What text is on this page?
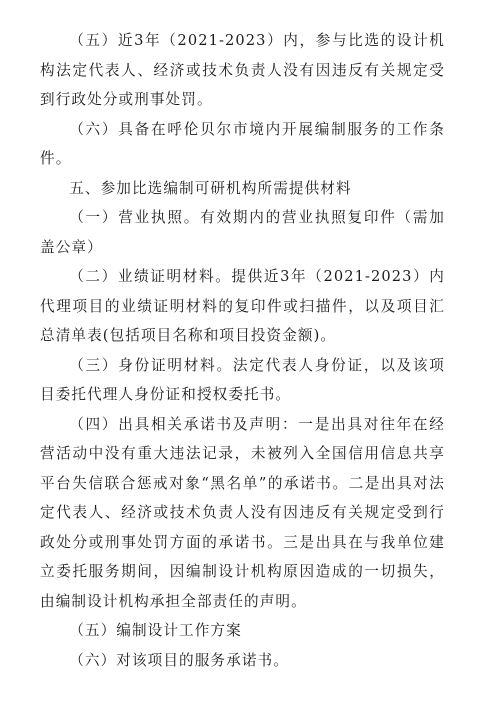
（五）近3年（2021-2023）内，参与比选的设计机构法定代表人、经济或技术负责人没有因违反有关规定受到行政处分或刑事处罚。

（六）具备在呼伦贝尔市境内开展编制服务的工作条件。

五、参加比选编制可研机构所需提供材料

（一）营业执照。有效期内的营业执照复印件（需加盖公章）

（二）业绩证明材料。提供近3年（2021-2023）内代理项目的业绩证明材料的复印件或扫描件，以及项目汇总清单表(包括项目名称和项目投资金额)。

（三）身份证明材料。法定代表人身份证，以及该项目委托代理人身份证和授权委托书。

（四）出具相关承诺书及声明：一是出具对往年在经营活动中没有重大违法记录，未被列入全国信用信息共享平台失信联合惩戒对象“黑名单”的承诺书。二是出具对法定代表人、经济或技术负责人没有因违反有关规定受到行政处分或刑事处罚方面的承诺书。三是出具在与我单位建立委托服务期间，因编制设计机构原因造成的一切损失，由编制设计机构承担全部责任的声明。

（五）编制设计工作方案

（六）对该项目的服务承诺书。
